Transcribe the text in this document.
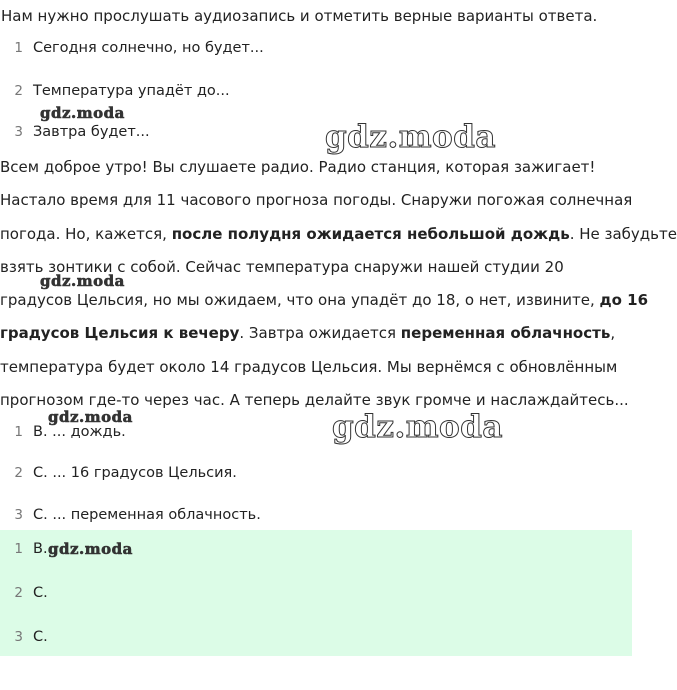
Нам нужно прослушать аудиозапись и отметить верные варианты ответа.
1 Сегодня солнечно, но будет...
2 Температура упадёт до...
3 Завтра будет...
Всем доброе утро! Вы слушаете радио. Радио станция, которая зажигает!
Настало время для 11 часового прогноза погоды. Снаружи погожая солнечная
погода. Но, кажется, после полудня ожидается небольшой дождь. Не забудьте
взять зонтики с собой. Сейчас температура снаружи нашей студии 20
градусов Цельсия, но мы ожидаем, что она упадёт до 18, о нет, извините, до 16
градусов Цельсия к вечеру. Завтра ожидается переменная облачность,
температура будет около 14 градусов Цельсия. Мы вернёмся с обновлённым
прогнозом где-то через час. А теперь делайте звук громче и наслаждайтесь...
1 B. ... дождь.
2 C. ... 16 градусов Цельсия.
3 C. ... переменная облачность.
1 B.
2 C.
3 C.
gdz.moda
gdz.moda
gdz.moda
gdz.moda	gdz.moda
gdz.moda
